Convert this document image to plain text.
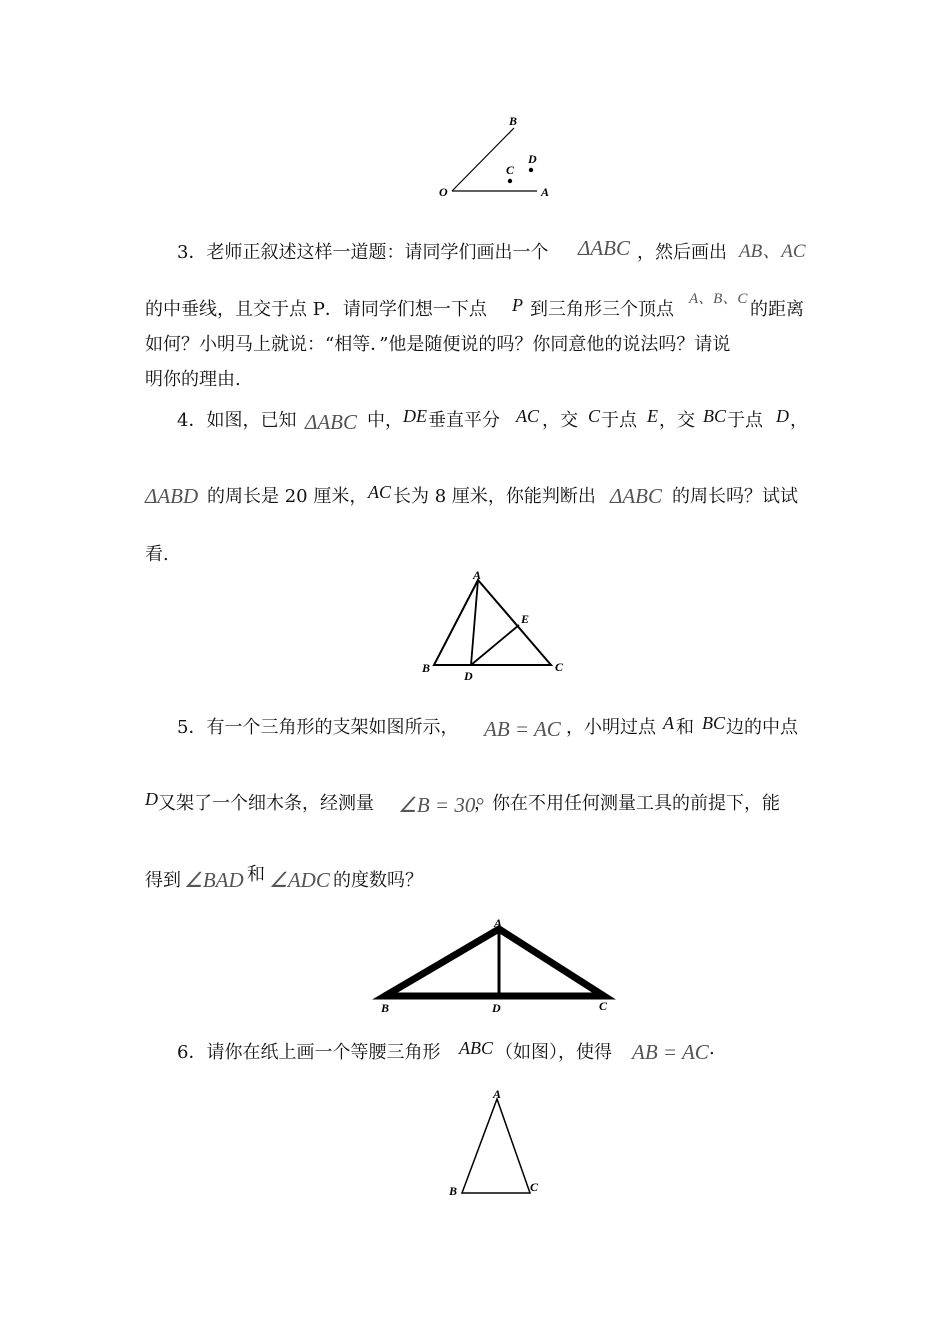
B
C
D
O	A
3．老师正叙述这样一道题：请同学们画出一个 ΔABC ，然后画出 AB、AC
的中垂线，且交于点 P．请同学们想一下点 P 到三角形三个顶点 A、B、C 的距离
如何？小明马上就说：“相等．”他是随便说的吗？你同意他的说法吗？请说
明你的理由.
4．如图，已知 ΔABC 中， DE 垂直平分 AC ，交 C 于点 E ，交 BC 于点 D ，
ΔABD 的周长是 20 厘米， AC 长为 8 厘米，你能判断出 ΔABC 的周长吗？试试
看.
A
B	C
D
E
5．有一个三角形的支架如图所示， AB = AC ，小明过点 A 和 BC 边的中点
D 又架了一个细木条，经测量 ∠B = 30°
，你在不用任何测量工具的前提下，能
得到 ∠BAD 和 ∠ADC 的度数吗？
A
B	C
D
6．请你在纸上画一个等腰三角形 ABC （如图），使得 AB = AC .
A
B	C
